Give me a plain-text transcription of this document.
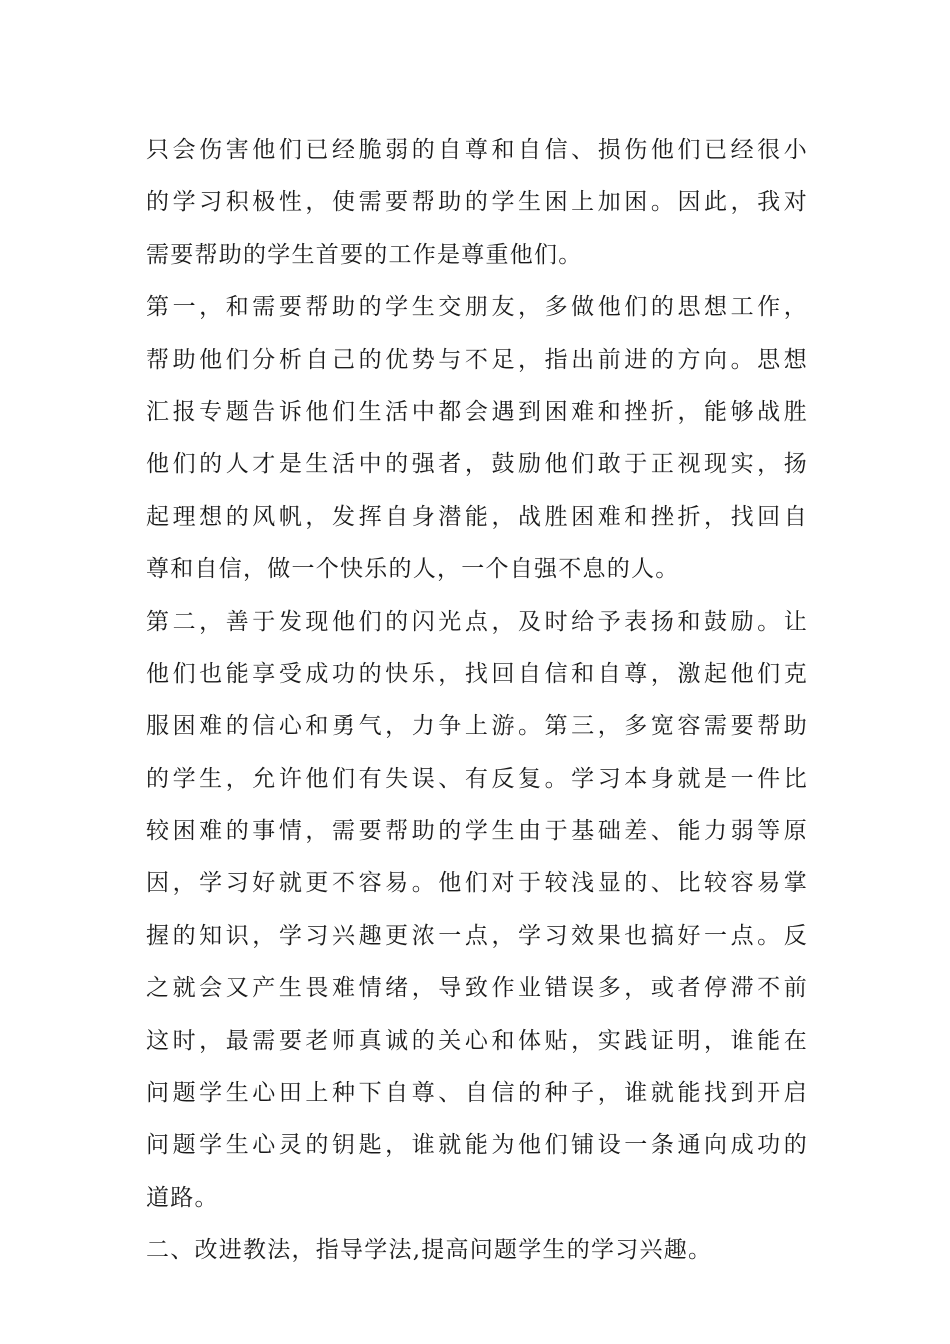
只会伤害他们已经脆弱的自尊和自信、损伤他们已经很小
的学习积极性，使需要帮助的学生困上加困。因此，我对
需要帮助的学生首要的工作是尊重他们。
第一，和需要帮助的学生交朋友，多做他们的思想工作，
帮助他们分析自己的优势与不足，指出前进的方向。思想
汇报专题告诉他们生活中都会遇到困难和挫折，能够战胜
他们的人才是生活中的强者，鼓励他们敢于正视现实，扬
起理想的风帆，发挥自身潜能，战胜困难和挫折，找回自
尊和自信，做一个快乐的人，一个自强不息的人。
第二，善于发现他们的闪光点，及时给予表扬和鼓励。让
他们也能享受成功的快乐，找回自信和自尊，激起他们克
服困难的信心和勇气，力争上游。第三，多宽容需要帮助
的学生，允许他们有失误、有反复。学习本身就是一件比
较困难的事情，需要帮助的学生由于基础差、能力弱等原
因，学习好就更不容易。他们对于较浅显的、比较容易掌
握的知识，学习兴趣更浓一点，学习效果也搞好一点。反
之就会又产生畏难情绪，导致作业错误多，或者停滞不前
这时，最需要老师真诚的关心和体贴，实践证明，谁能在
问题学生心田上种下自尊、自信的种子，谁就能找到开启
问题学生心灵的钥匙，谁就能为他们铺设一条通向成功的
道路。
二、改进教法，指导学法,提高问题学生的学习兴趣。
